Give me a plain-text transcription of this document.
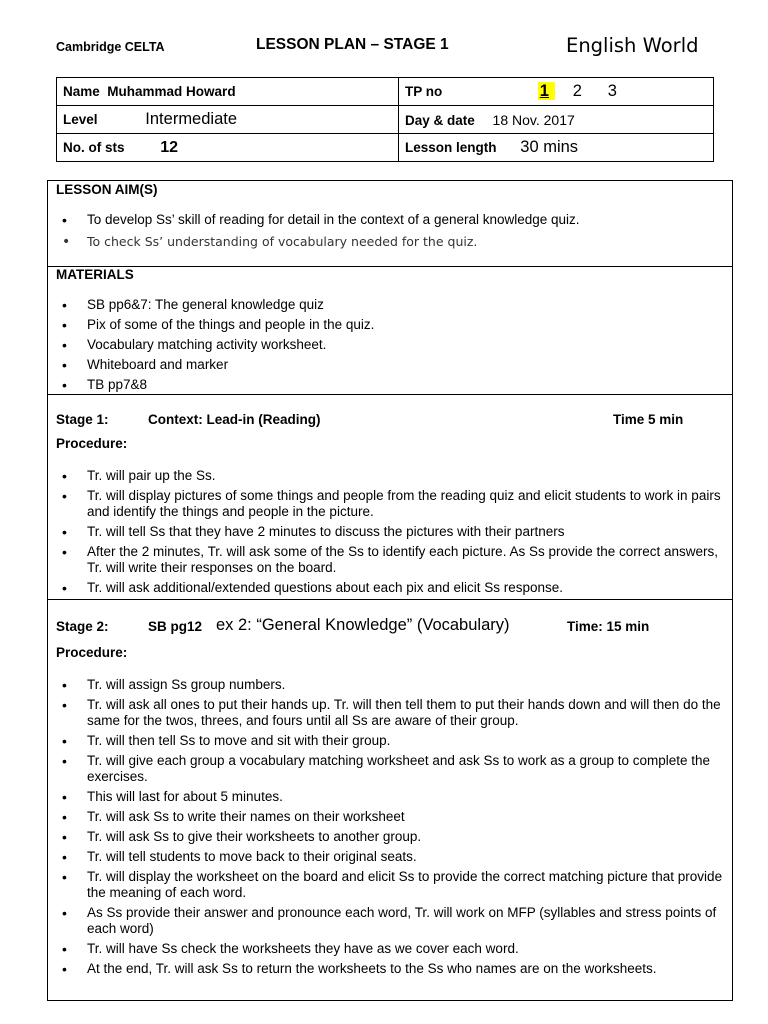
Cambridge CELTA	LESSON PLAN – STAGE 1	English World
Name Muhammad Howard	TP no 1 2 3
Level Intermediate	Day & date 18 Nov. 2017
No. of sts 12	Lesson length 30 mins
LESSON AIM(S)
• To develop Ss’ skill of reading for detail in the context of a general knowledge quiz.
• To check Ss’ understanding of vocabulary needed for the quiz.
MATERIALS
• SB pp6&7: The general knowledge quiz
• Pix of some of the things and people in the quiz.
• Vocabulary matching activity worksheet.
• Whiteboard and marker
• TB pp7&8
Stage 1:	Context: Lead-in (Reading)	Time 5 min
Procedure:
• Tr. will pair up the Ss.
• Tr. will display pictures of some things and people from the reading quiz and elicit students to work in pairs and identify the things and people in the picture.
• Tr. will tell Ss that they have 2 minutes to discuss the pictures with their partners
• After the 2 minutes, Tr. will ask some of the Ss to identify each picture. As Ss provide the correct answers, Tr. will write their responses on the board.
• Tr. will ask additional/extended questions about each pix and elicit Ss response.
Stage 2:	SB pg12 ex 2: “General Knowledge” (Vocabulary)	Time: 15 min
Procedure:
• Tr. will assign Ss group numbers.
• Tr. will ask all ones to put their hands up. Tr. will then tell them to put their hands down and will then do the same for the twos, threes, and fours until all Ss are aware of their group.
• Tr. will then tell Ss to move and sit with their group.
• Tr. will give each group a vocabulary matching worksheet and ask Ss to work as a group to complete the exercises.
• This will last for about 5 minutes.
• Tr. will ask Ss to write their names on their worksheet
• Tr. will ask Ss to give their worksheets to another group.
• Tr. will tell students to move back to their original seats.
• Tr. will display the worksheet on the board and elicit Ss to provide the correct matching picture that provide the meaning of each word.
• As Ss provide their answer and pronounce each word, Tr. will work on MFP (syllables and stress points of each word)
• Tr. will have Ss check the worksheets they have as we cover each word.
• At the end, Tr. will ask Ss to return the worksheets to the Ss who names are on the worksheets.
